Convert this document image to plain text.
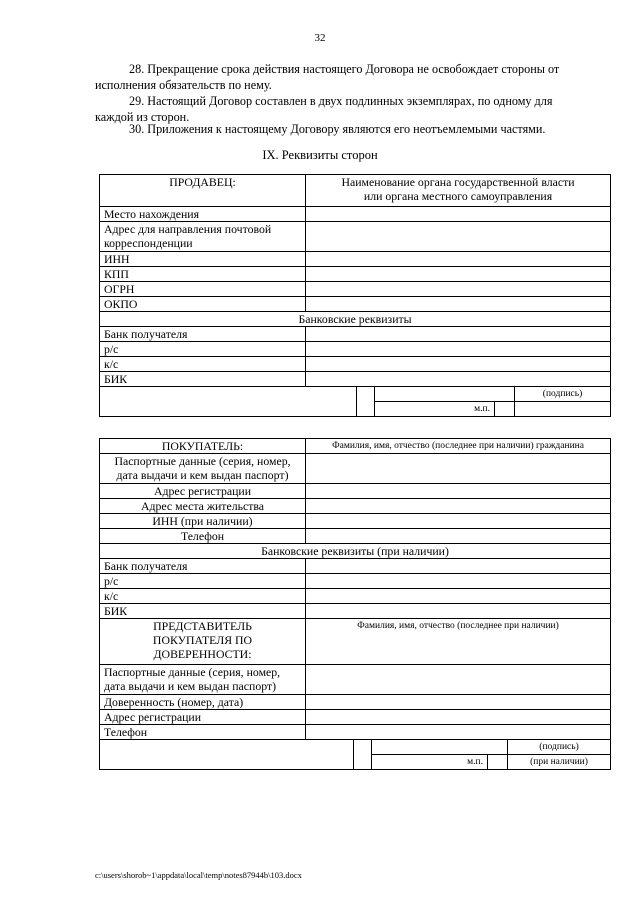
32
28. Прекращение срока действия настоящего Договора не освобождает стороны от
исполнения обязательств по нему.
29. Настоящий Договор составлен в двух подлинных экземплярах, по одному для
каждой из сторон.
30. Приложения к настоящему Договору являются его неотъемлемыми частями.
IX. Реквизиты сторон
ПРОДАВЕЦ:	Наименование органа государственной власти
или органа местного самоуправления				

Место нахождения					
Адрес для направления почтовой корреспонденции					
ИНН					
КПП					
ОГРН					
ОКПО					
Банковские реквизиты					
Банк получателя					
р/с					
к/с					
БИК					
					(подпись)
			м.п.		
ПОКУПАТЕЛЬ:	Фамилия, имя, отчество (последнее при наличии) гражданина				
Паспортные данные (серия, номер, дата выдачи и кем выдан паспорт)					
Адрес регистрации					
Адрес места жительства					
ИНН (при наличии)					
Телефон					
Банковские реквизиты (при наличии)					
Банк получателя					
р/с					
к/с					
БИК					
ПРЕДСТАВИТЕЛЬ ПОКУПАТЕЛЯ ПО ДОВЕРЕННОСТИ:	Фамилия, имя, отчество (последнее при наличии)				
Паспортные данные (серия, номер, дата выдачи и кем выдан паспорт)					
Доверенность (номер, дата)					
Адрес регистрации					
Телефон					
					(подпись)
			м.п.		(при наличии)
c:\users\shorob~1\appdata\local\temp\notes87944b\103.docx
